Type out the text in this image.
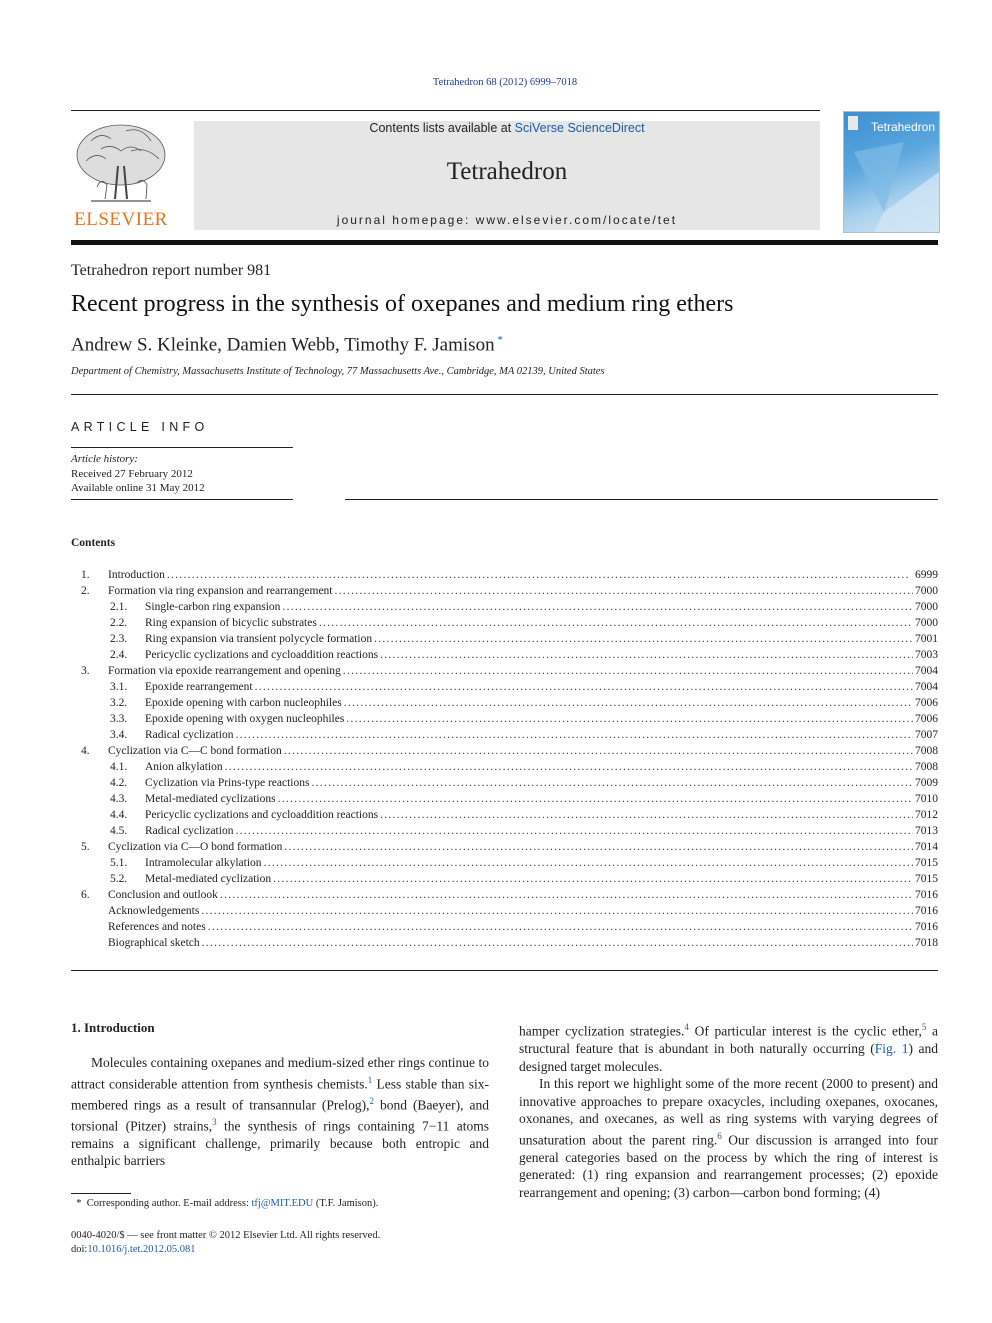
Tetrahedron 68 (2012) 6999–7018
ELSEVIER
Contents lists available at SciVerse ScienceDirect
Tetrahedron
journal homepage: www.elsevier.com/locate/tet
Tetrahedron
Tetrahedron report number 981
Recent progress in the synthesis of oxepanes and medium ring ethers
Andrew S. Kleinke, Damien Webb, Timothy F. Jamison *
Department of Chemistry, Massachusetts Institute of Technology, 77 Massachusetts Ave., Cambridge, MA 02139, United States
ARTICLE INFO
Article history:
Received 27 February 2012
Available online 31 May 2012
Contents
1. Introduction . . .	6999
2. Formation via ring expansion and rearrangement . . .	7000
2.1. Single-carbon ring expansion . . .	7000
2.2. Ring expansion of bicyclic substrates . . .	7000
2.3. Ring expansion via transient polycycle formation . . .	7001
2.4. Pericyclic cyclizations and cycloaddition reactions . . .	7003
3. Formation via epoxide rearrangement and opening . . .	7004
3.1. Epoxide rearrangement . . .	7004
3.2. Epoxide opening with carbon nucleophiles . . .	7006
3.3. Epoxide opening with oxygen nucleophiles . . .	7006
3.4. Radical cyclization . . .	7007
4. Cyclization via C—C bond formation . . .	7008
4.1. Anion alkylation . . .	7008
4.2. Cyclization via Prins-type reactions . . .	7009
4.3. Metal-mediated cyclizations . . .	7010
4.4. Pericyclic cyclizations and cycloaddition reactions . . .	7012
4.5. Radical cyclization . . .	7013
5. Cyclization via C—O bond formation . . .	7014
5.1. Intramolecular alkylation . . .	7015
5.2. Metal-mediated cyclization . . .	7015
6. Conclusion and outlook . . .	7016
Acknowledgements . . .	7016
References and notes . . .	7016
Biographical sketch . . .	7018
1. Introduction
Molecules containing oxepanes and medium-sized ether rings continue to attract considerable attention from synthesis chemists.$^1$ Less stable than six-membered rings as a result of transannular (Prelog),$^2$ bond (Baeyer), and torsional (Pitzer) strains,$^3$ the synthesis of rings containing 7−11 atoms remains a significant challenge, primarily because both entropic and enthalpic barriers

hamper cyclization strategies.$^4$ Of particular interest is the cyclic ether,$^5$ a structural feature that is abundant in both naturally occurring (Fig. 1) and designed target molecules.

In this report we highlight some of the more recent (2000 to present) and innovative approaches to prepare oxacycles, including oxepanes, oxocanes, oxonanes, and oxecanes, as well as ring systems with varying degrees of unsaturation about the parent ring.$^6$ Our discussion is arranged into four general categories based on the process by which the ring of interest is generated: (1) ring expansion and rearrangement processes; (2) epoxide rearrangement and opening; (3) carbon—carbon bond forming; (4)

* Corresponding author. E-mail address: tfj@MIT.EDU (T.F. Jamison).
0040-4020/$ — see front matter © 2012 Elsevier Ltd. All rights reserved.
doi:10.1016/j.tet.2012.05.081
